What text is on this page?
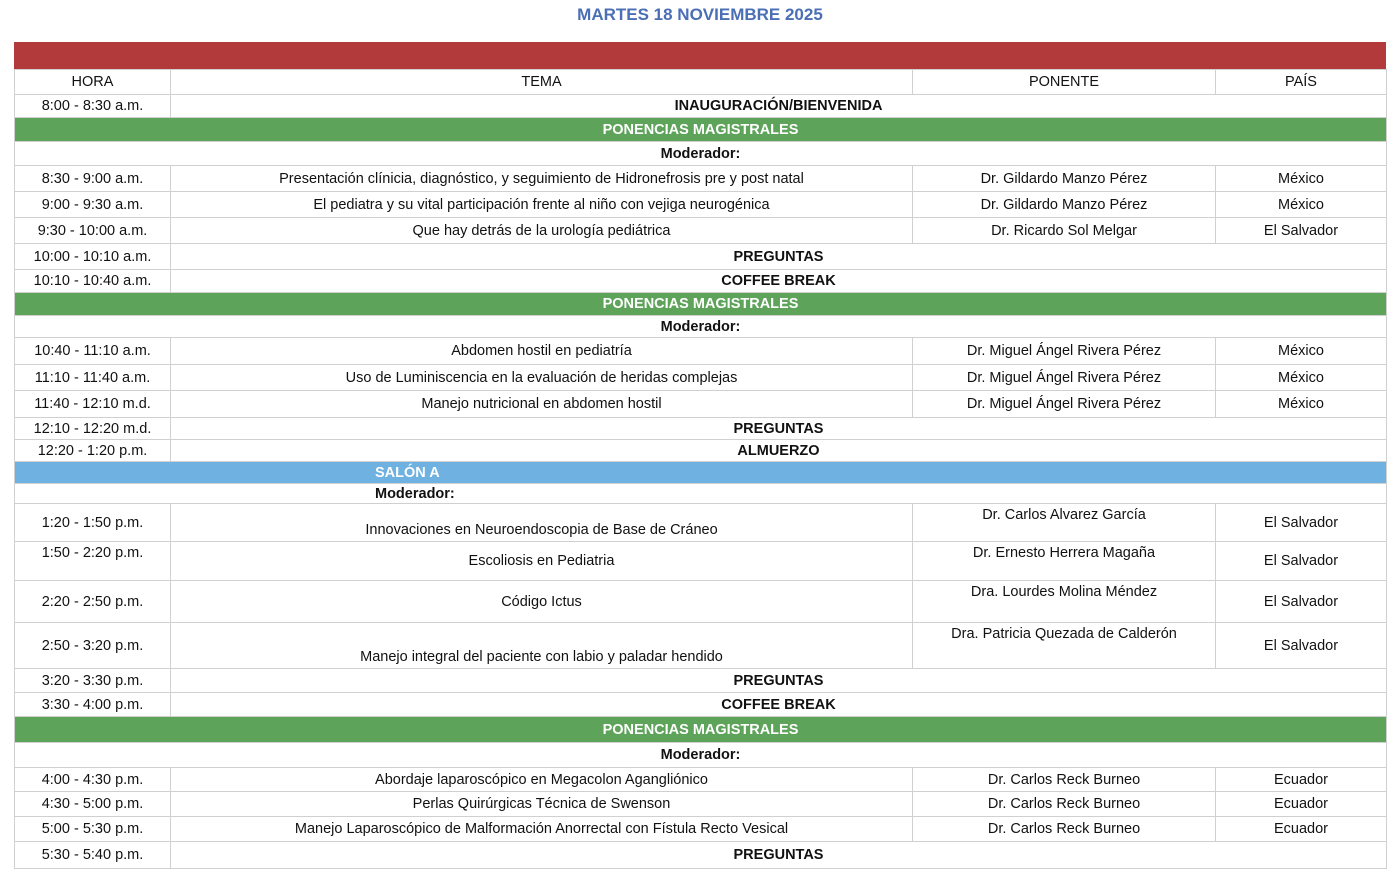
MARTES 18 NOVIEMBRE 2025
HORA	TEMA	PONENTE	PAÍS
8:00 - 8:30 a.m.	INAUGURACIÓN/BIENVENIDA		
PONENCIAS MAGISTRALES			
Moderador:			
8:30 - 9:00 a.m.	Presentación clínicia, diagnóstico, y seguimiento de Hidronefrosis pre y post natal	Dr. Gildardo Manzo Pérez	México
9:00 - 9:30 a.m.	El pediatra y su vital participación frente al niño con vejiga neurogénica	Dr. Gildardo Manzo Pérez	México
9:30 - 10:00 a.m.	Que hay detrás de la urología pediátrica	Dr. Ricardo Sol Melgar	El Salvador
10:00 - 10:10 a.m.	PREGUNTAS		
10:10 - 10:40 a.m.	COFFEE BREAK		
PONENCIAS MAGISTRALES			
Moderador:			
10:40 - 11:10 a.m.	Abdomen hostil en pediatría	Dr. Miguel Ángel Rivera Pérez	México
11:10 - 11:40 a.m.	Uso de Luminiscencia en la evaluación de heridas complejas	Dr. Miguel Ángel Rivera Pérez	México
11:40 - 12:10 m.d.	Manejo nutricional en abdomen hostil	Dr. Miguel Ángel Rivera Pérez	México
12:10 - 12:20 m.d.	PREGUNTAS		
12:20 - 1:20 p.m.	ALMUERZO		
SALÓN A			
Moderador:			
1:20 - 1:50 p.m.	Innovaciones en Neuroendoscopia de Base de Cráneo	Dr. Carlos Alvarez García	El Salvador
1:50 - 2:20 p.m.	Escoliosis en Pediatria	Dr. Ernesto Herrera Magaña	El Salvador
2:20 - 2:50 p.m.	Código Ictus	Dra. Lourdes Molina Méndez	El Salvador
2:50 - 3:20 p.m.	Manejo integral del paciente con labio y paladar hendido	Dra. Patricia Quezada de Calderón	El Salvador
3:20 - 3:30 p.m.	PREGUNTAS		
3:30 - 4:00 p.m.	COFFEE BREAK		
PONENCIAS MAGISTRALES			
Moderador:			
4:00 - 4:30 p.m.	Abordaje laparoscópico en Megacolon Agangliónico	Dr. Carlos Reck Burneo	Ecuador
4:30 - 5:00 p.m.	Perlas Quirúrgicas Técnica de Swenson	Dr. Carlos Reck Burneo	Ecuador
5:00 - 5:30 p.m.	Manejo Laparoscópico de Malformación Anorrectal con Fístula Recto Vesical	Dr. Carlos Reck Burneo	Ecuador
5:30 - 5:40 p.m.	PREGUNTAS		
